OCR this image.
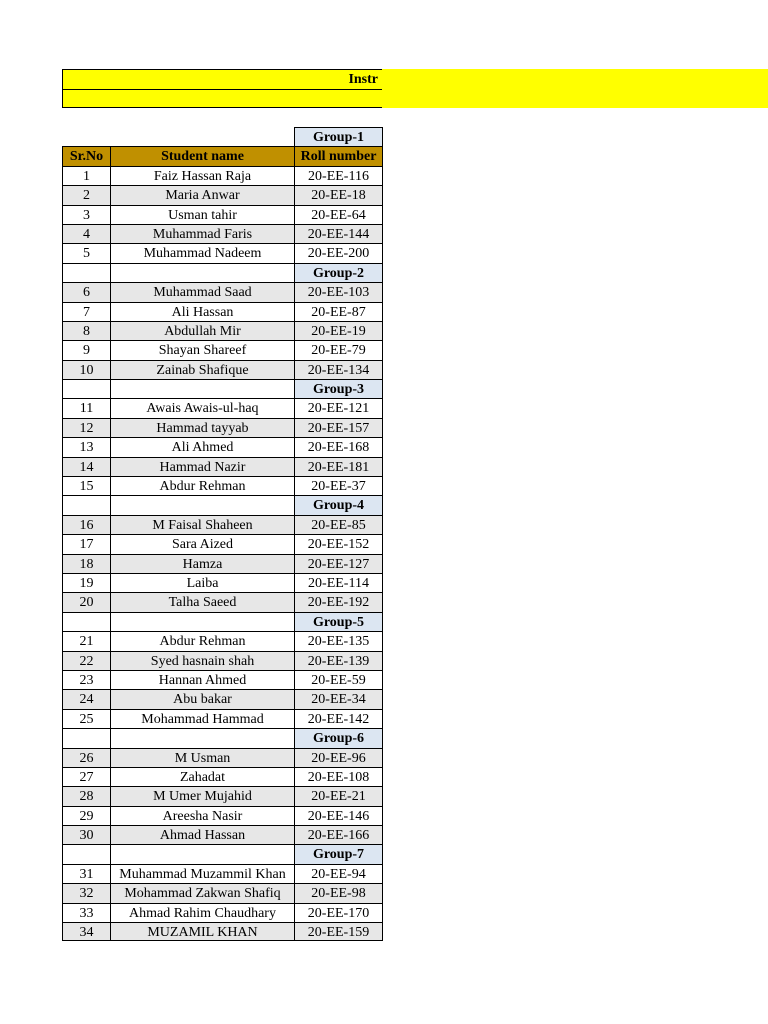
Instr
Group-1
Sr.No	Student name	Roll number
1	Faiz Hassan Raja	20-EE-116
2	Maria Anwar	20-EE-18
3	Usman tahir	20-EE-64
4	Muhammad Faris	20-EE-144
5	Muhammad Nadeem	20-EE-200
Group-2
6	Muhammad Saad	20-EE-103
7	Ali Hassan	20-EE-87
8	Abdullah Mir	20-EE-19
9	Shayan Shareef	20-EE-79
10	Zainab Shafique	20-EE-134
Group-3
11	Awais Awais-ul-haq	20-EE-121
12	Hammad tayyab	20-EE-157
13	Ali Ahmed	20-EE-168
14	Hammad Nazir	20-EE-181
15	Abdur Rehman	20-EE-37
Group-4
16	M Faisal Shaheen	20-EE-85
17	Sara Aized	20-EE-152
18	Hamza	20-EE-127
19	Laiba	20-EE-114
20	Talha Saeed	20-EE-192
Group-5
21	Abdur Rehman	20-EE-135
22	Syed hasnain shah	20-EE-139
23	Hannan Ahmed	20-EE-59
24	Abu bakar	20-EE-34
25	Mohammad Hammad	20-EE-142
Group-6
26	M Usman	20-EE-96
27	Zahadat	20-EE-108
28	M Umer Mujahid	20-EE-21
29	Areesha Nasir	20-EE-146
30	Ahmad Hassan	20-EE-166
Group-7
31	Muhammad Muzammil Khan	20-EE-94
32	Mohammad Zakwan Shafiq	20-EE-98
33	Ahmad Rahim Chaudhary	20-EE-170
34	MUZAMIL KHAN	20-EE-159
